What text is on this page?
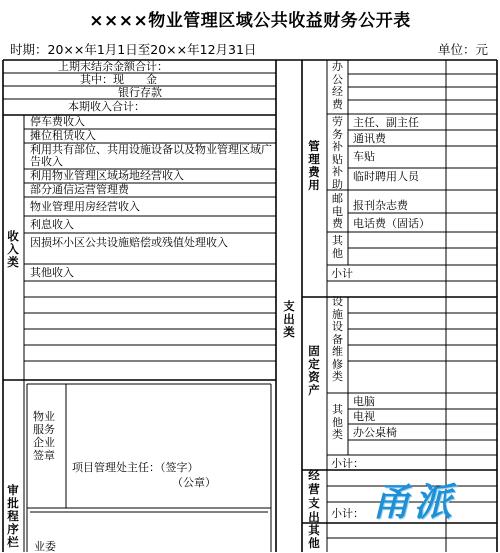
××××物业管理区域公共收益财务公开表
时期：20××年1月1日至20××年12月31日	单位：元
上期末结余金额合计：
其中：现　　金
银行存款
本期收入合计：
收入类
停车费收入
摊位租赁收入
利用共有部位、共用设施设备以及物业管理区域广告收入
利用物业管理区域场地经营收入
部分通信运营管理费
物业管理用房经营收入
利息收入
因损坏小区公共设施赔偿或残值处理收入
其他收入
审批程序栏
物业服务企业签章
项目管理处主任：（签字）
（公章）
业委
支出类
管理费用
办公经费
劳务补贴补助
主任、副主任
通讯费
车贴
临时聘用人员
邮电费
报刊杂志费
电话费（固话）
其他
小计
固定资产
设施设备维修类
其他类
电脑
电视
办公桌椅
小计：
经营支出 小计：
其他
甬派
